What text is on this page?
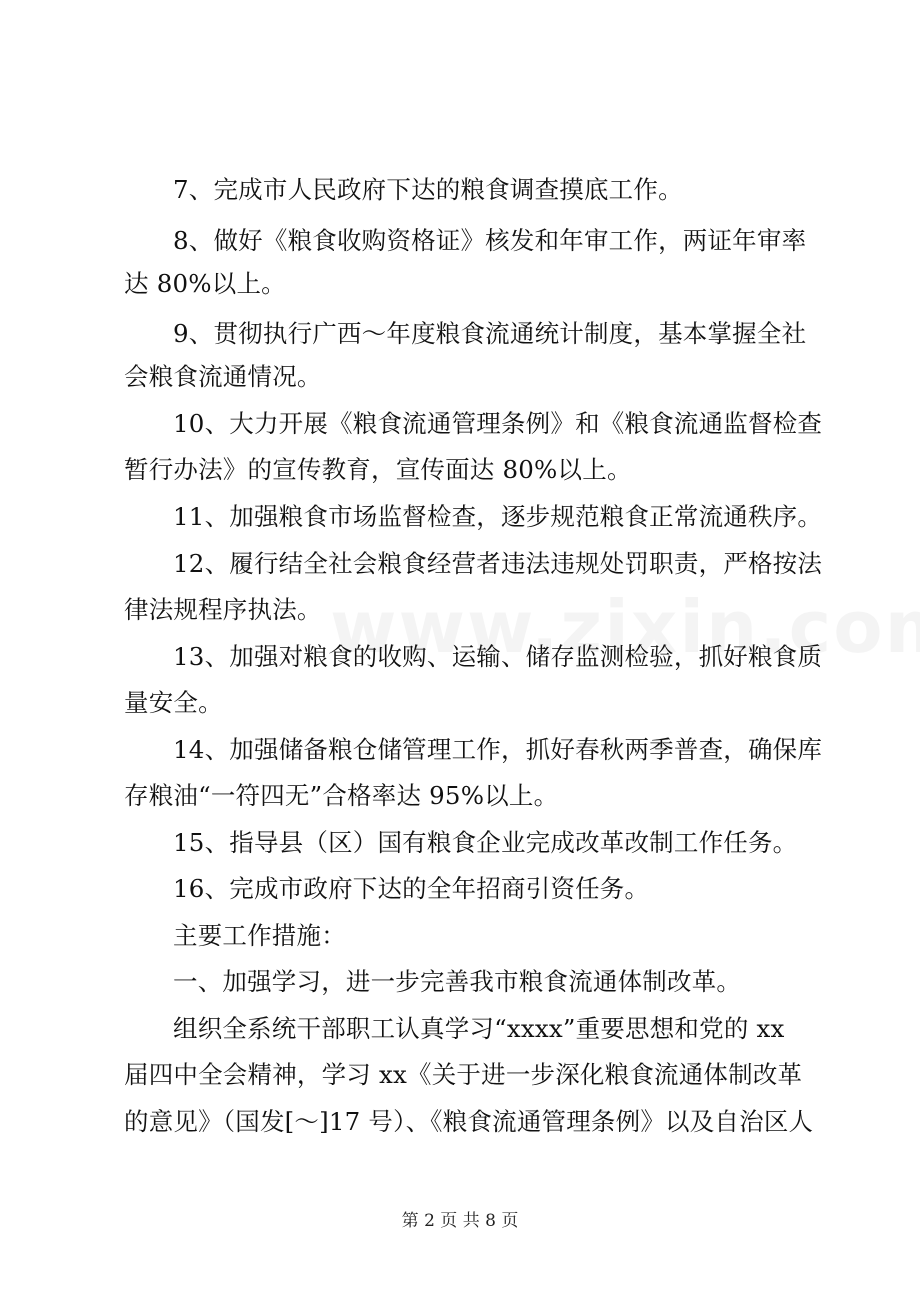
7、完成市人民政府下达的粮食调查摸底工作。
8、做好《粮食收购资格证》核发和年审工作，两证年审率
达 80%以上。
9、贯彻执行广西～年度粮食流通统计制度，基本掌握全社
会粮食流通情况。
10、大力开展《粮食流通管理条例》和《粮食流通监督检查
暂行办法》的宣传教育，宣传面达 80%以上。
11、加强粮食市场监督检查，逐步规范粮食正常流通秩序。
12、履行结全社会粮食经营者违法违规处罚职责，严格按法
律法规程序执法。
13、加强对粮食的收购、运输、储存监测检验，抓好粮食质
量安全。
14、加强储备粮仓储管理工作，抓好春秋两季普查，确保库
存粮油“一符四无”合格率达 95%以上。
15、指导县（区）国有粮食企业完成改革改制工作任务。
16、完成市政府下达的全年招商引资任务。
主要工作措施：
一、加强学习，进一步完善我市粮食流通体制改革。
组织全系统干部职工认真学习“xxxx”重要思想和党的 xx
届四中全会精神，学习 xx《关于进一步深化粮食流通体制改革
的意见》（国发[～]17 号）、《粮食流通管理条例》以及自治区人
第 2 页 共 8 页
